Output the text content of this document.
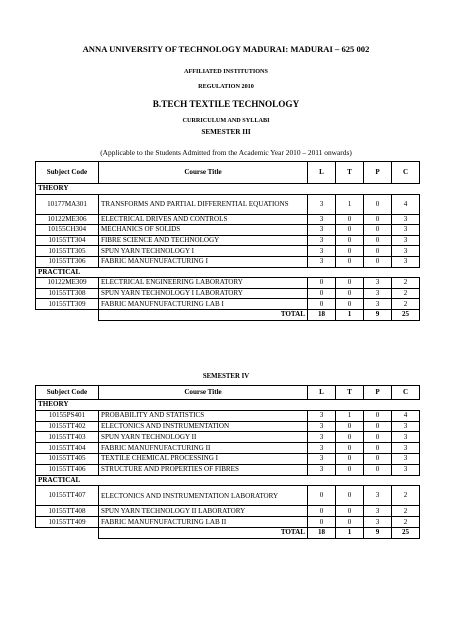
ANNA UNIVERSITY OF TECHNOLOGY MADURAI: MADURAI – 625 002
AFFILIATED INSTITUTIONS
REGULATION 2010
B.TECH TEXTILE TECHNOLOGY
CURRICULUM AND SYLLABI
SEMESTER III
(Applicable to the Students Admitted from the Academic Year 2010 – 2011 onwards)
Subject Code	Course Title	L	T	P	C
THEORY					
10177MA301	TRANSFORMS AND PARTIAL DIFFERENTIAL EQUATIONS	3	1	0	4
10122ME306	ELECTRICAL DRIVES AND CONTROLS	3	0	0	3
10155CH304	MECHANICS OF SOLIDS	3	0	0	3
10155TT304	FIBRE SCIENCE AND TECHNOLOGY	3	0	0	3
10155TT305	SPUN YARN TECHNOLOGY I	3	0	0	3
10155TT306	FABRIC MANUFNUFACTURING I	3	0	0	3
PRACTICAL					
10122ME309	ELECTRICAL ENGINEERING LABORATORY	0	0	3	2
10155TT308	SPUN YARN TECHNOLOGY I LABORATORY	0	0	3	2
10155TT309	FABRIC MANUFNUFACTURING LAB I	0	0	3	2
	TOTAL	18	1	9	25
SEMESTER IV
Subject Code	Course Title	L	T	P	C
THEORY					
10155PS401	PROBABILITY AND STATISTICS	3	1	0	4
10155TT402	ELECTONICS AND INSTRUMENTATION	3	0	0	3
10155TT403	SPUN YARN TECHNOLOGY II	3	0	0	3
10155TT404	FABRIC MANUFNUFACTURING II	3	0	0	3
10155TT405	TEXTILE CHEMICAL PROCESSING I	3	0	0	3
10155TT406	STRUCTURE AND PROPERTIES OF FIBRES	3	0	0	3
PRACTICAL					
10155TT407	ELECTONICS AND INSTRUMENTATION LABORATORY	0	0	3	2
10155TT408	SPUN YARN TECHNOLOGY II LABORATORY	0	0	3	2
10155TT409	FABRIC MANUFNUFACTURING LAB II	0	0	3	2
	TOTAL	18	1	9	25
